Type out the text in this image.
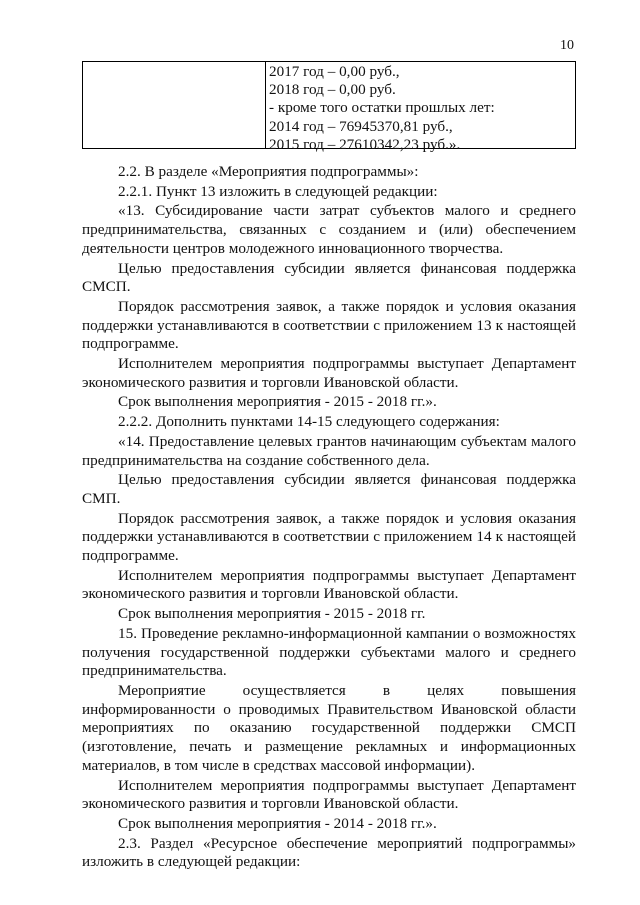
10
2017 год – 0,00 руб.,
2018 год – 0,00 руб.
- кроме того остатки прошлых лет:
2014 год – 76945370,81 руб.,
2015 год – 27610342,23 руб.».

2.2. В разделе «Мероприятия подпрограммы»:

2.2.1. Пункт 13 изложить в следующей редакции:

«13. Субсидирование части затрат субъектов малого и среднего предпринимательства, связанных с созданием и (или) обеспечением деятельности центров молодежного инновационного творчества.

Целью предоставления субсидии является финансовая поддержка СМСП.

Порядок рассмотрения заявок, а также порядок и условия оказания поддержки устанавливаются в соответствии с приложением 13 к настоящей подпрограмме.

Исполнителем мероприятия подпрограммы выступает Департамент экономического развития и торговли Ивановской области.

Срок выполнения мероприятия - 2015 - 2018 гг.».

2.2.2. Дополнить пунктами 14-15 следующего содержания:

«14. Предоставление целевых грантов начинающим субъектам малого предпринимательства на создание собственного дела.

Целью предоставления субсидии является финансовая поддержка СМП.

Порядок рассмотрения заявок, а также порядок и условия оказания поддержки устанавливаются в соответствии с приложением 14 к настоящей подпрограмме.

Исполнителем мероприятия подпрограммы выступает Департамент экономического развития и торговли Ивановской области.

Срок выполнения мероприятия - 2015 - 2018 гг.

15. Проведение рекламно-информационной кампании о возможностях получения государственной поддержки субъектами малого и среднего предпринимательства.

Мероприятие осуществляется в целях повышения информированности о проводимых Правительством Ивановской области мероприятиях по оказанию государственной поддержки СМСП (изготовление, печать и размещение рекламных и информационных материалов, в том числе в средствах массовой информации).

Исполнителем мероприятия подпрограммы выступает Департамент экономического развития и торговли Ивановской области.

Срок выполнения мероприятия - 2014 - 2018 гг.».

2.3. Раздел «Ресурсное обеспечение мероприятий подпрограммы» изложить в следующей редакции:
